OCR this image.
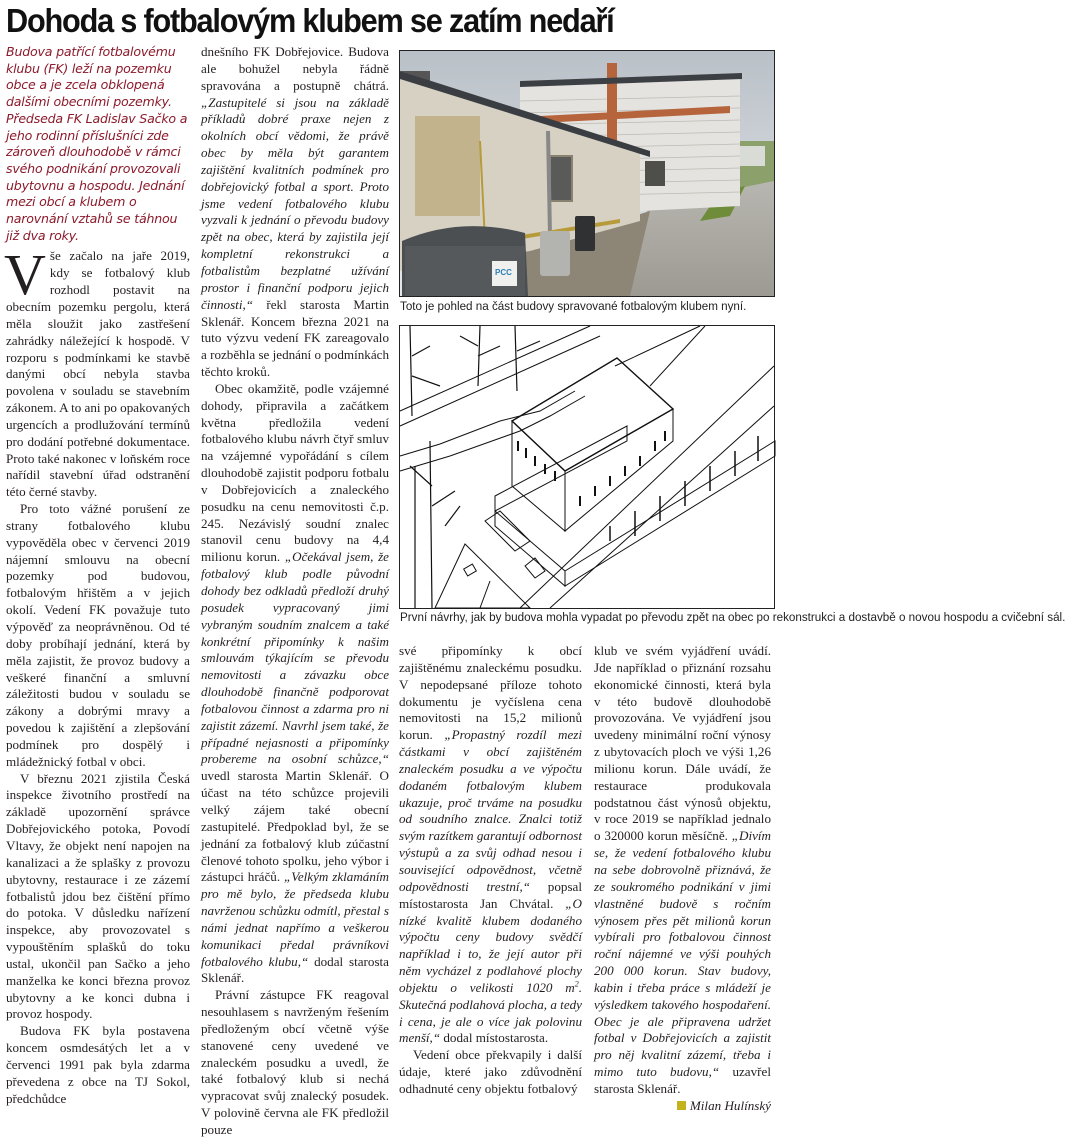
Dohoda s fotbalovým klubem se zatím nedaří
Budova patřící fotbalovému klubu (FK) leží na pozemku obce a je zcela obklopená dalšími obecními pozemky. Předseda FK Ladislav Sačko a jeho rodinní příslušníci zde zároveň dlouhodobě v rámci svého podnikání provozovali ubytovnu a hospodu. Jednání mezi obcí a klubem o narovnání vztahů se táhnou již dva roky.

Vše začalo na jaře 2019, kdy se fotbalový klub rozhodl postavit na obecním pozemku pergolu, která měla sloužit jako zastřešení zahrádky náležející k hospodě. V rozporu s podmínkami ke stavbě danými obcí nebyla stavba povolena v souladu se stavebním zákonem. A to ani po opakovaných urgencích a prodlužování termínů pro dodání potřebné dokumentace. Proto také nakonec v loňském roce nařídil stavební úřad odstranění této černé stavby.

Pro toto vážné porušení ze strany fotbalového klubu vypověděla obec v červenci 2019 nájemní smlouvu na obecní pozemky pod budovou, fotbalovým hřištěm a v jejich okolí. Vedení FK považuje tuto výpověď za neoprávněnou. Od té doby probíhají jednání, která by měla zajistit, že provoz budovy a veškeré finanční a smluvní záležitosti budou v souladu se zákony a dobrými mravy a povedou k zajištění a zlepšování podmínek pro dospělý i mládežnický fotbal v obci.

V březnu 2021 zjistila Česká inspekce životního prostředí na základě upozornění správce Dobřejovického potoka, Povodí Vltavy, že objekt není napojen na kanalizaci a že splašky z provozu ubytovny, restaurace i ze zázemí fotbalistů jdou bez čištění přímo do potoka. V důsledku nařízení inspekce, aby provozovatel s vypouštěním splašků do toku ustal, ukončil pan Sačko a jeho manželka ke konci března provoz ubytovny a ke konci dubna i provoz hospody.

Budova FK byla postavena koncem osmdesátých let a v červenci 1991 pak byla zdarma převedena z obce na TJ Sokol, předchůdce

dnešního FK Dobřejovice. Budova ale bohužel nebyla řádně spravována a postupně chátrá. „Zastupitelé si jsou na základě příkladů dobré praxe nejen z okolních obcí vědomi, že právě obec by měla být garantem zajištění kvalitních podmínek pro dobřejovický fotbal a sport. Proto jsme vedení fotbalového klubu vyzvali k jednání o převodu budovy zpět na obec, která by zajistila její kompletní rekonstrukci a fotbalistům bezplatné užívání prostor i finanční podporu jejich činnosti,“ řekl starosta Martin Sklenář. Koncem března 2021 na tuto výzvu vedení FK zareagovalo a rozběhla se jednání o podmínkách těchto kroků.

Obec okamžitě, podle vzájemné dohody, připravila a začátkem května předložila vedení fotbalového klubu návrh čtyř smluv na vzájemné vypořádání s cílem dlouhodobě zajistit podporu fotbalu v Dobřejovicích a znaleckého posudku na cenu nemovitosti č.p. 245. Nezávislý soudní znalec stanovil cenu budovy na 4,4 milionu korun. „Očekával jsem, že fotbalový klub podle původní dohody bez odkladů předloží druhý posudek vypracovaný jimi vybraným soudním znalcem a také konkrétní připomínky k našim smlouvám týkajícím se převodu nemovitosti a závazku obce dlouhodobě finančně podporovat fotbalovou činnost a zdarma pro ni zajistit zázemí. Navrhl jsem také, že případné nejasnosti a připomínky probereme na osobní schůzce,“ uvedl starosta Martin Sklenář. O účast na této schůzce projevili velký zájem také obecní zastupitelé. Předpoklad byl, že se jednání za fotbalový klub zúčastní členové tohoto spolku, jeho výbor i zástupci hráčů. „Velkým zklamáním pro mě bylo, že předseda klubu navrženou schůzku odmítl, přestal s námi jednat napřímo a veškerou komunikaci předal právníkovi fotbalového klubu,“ dodal starosta Sklenář.

Právní zástupce FK reagoval nesouhlasem s navrženým řešením předloženým obcí včetně výše stanovené ceny uvedené ve znaleckém posudku a uvedl, že také fotbalový klub si nechá vypracovat svůj znalecký posudek. V polovině června ale FK předložil pouze

PCC
Toto je pohled na část budovy spravované fotbalovým klubem nyní.
První návrhy, jak by budova mohla vypadat po převodu zpět na obec po rekonstrukci a dostavbě o novou hospodu a cvičební sál.

své připomínky k obcí zajištěnému znaleckému posudku. V nepodepsané příloze tohoto dokumentu je vyčíslena cena nemovitosti na 15,2 milionů korun. „Propastný rozdíl mezi částkami v obcí zajištěném znaleckém posudku a ve výpočtu dodaném fotbalovým klubem ukazuje, proč trváme na posudku od soudního znalce. Znalci totiž svým razítkem garantují odbornost výstupů a za svůj odhad nesou i související odpovědnost, včetně odpovědnosti trestní,“ popsal místostarosta Jan Chvátal. „O nízké kvalitě klubem dodaného výpočtu ceny budovy svědčí například i to, že její autor při něm vycházel z podlahové plochy objektu o velikosti 1020 $m^2$. Skutečná podlahová plocha, a tedy i cena, je ale o více jak polovinu menší,“ dodal místostarosta.

Vedení obce překvapily i další údaje, které jako zdůvodnění odhadnuté ceny objektu fotbalový

klub ve svém vyjádření uvádí. Jde například o přiznání rozsahu ekonomické činnosti, která byla v této budově dlouhodobě provozována. Ve vyjádření jsou uvedeny minimální roční výnosy z ubytovacích ploch ve výši 1,26 milionu korun. Dále uvádí, že restaurace produkovala podstatnou část výnosů objektu, v roce 2019 se například jednalo o 320000 korun měsíčně. „Divím se, že vedení fotbalového klubu na sebe dobrovolně přiznává, že ze soukromého podnikání v jimi vlastněné budově s ročním výnosem přes pět milionů korun vybírali pro fotbalovou činnost roční nájemné ve výši pouhých 200 000 korun. Stav budovy, kabin i třeba práce s mládeží je výsledkem takového hospodaření. Obec je ale připravena udržet fotbal v Dobřejovicích a zajistit pro něj kvalitní zázemí, třeba i mimo tuto budovu,“ uzavřel starosta Sklenář.
Milan Hulínský
